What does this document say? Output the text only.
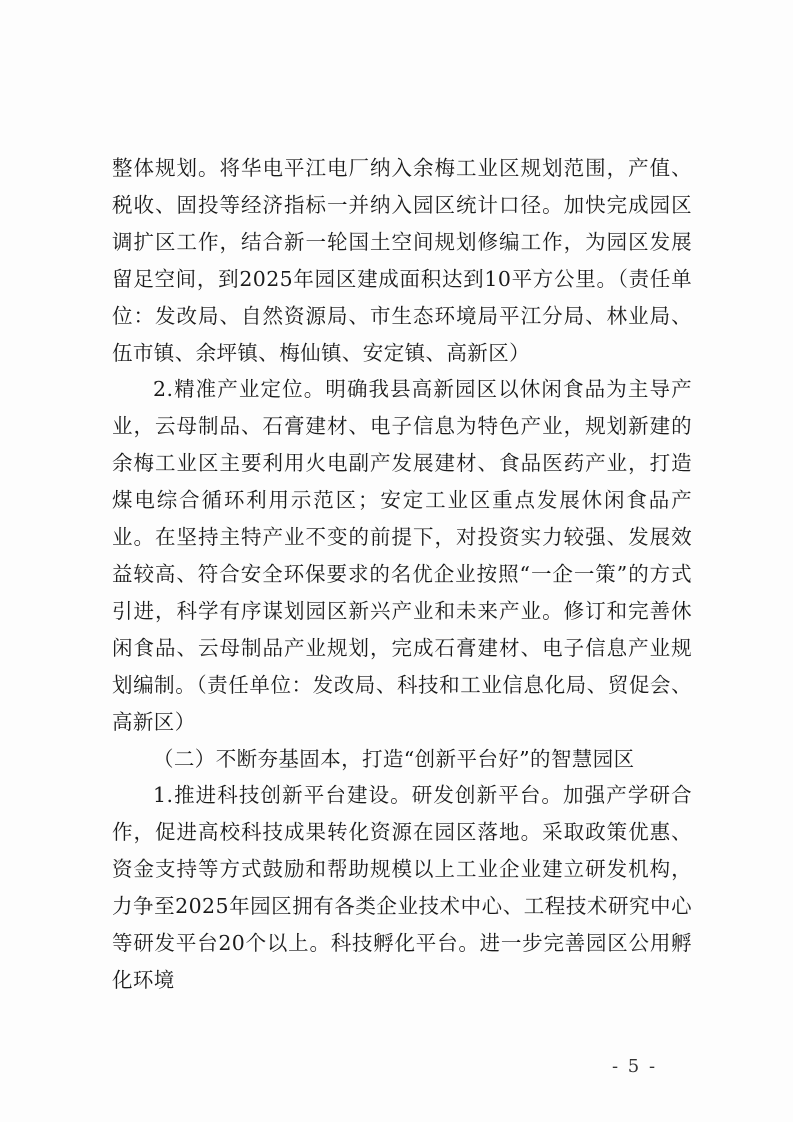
整体规划。将华电平江电厂纳入余梅工业区规划范围，产值、税收、固投等经济指标一并纳入园区统计口径。加快完成园区调扩区工作，结合新一轮国土空间规划修编工作，为园区发展留足空间，到2025年园区建成面积达到10平方公里。（责任单位：发改局、自然资源局、市生态环境局平江分局、林业局、伍市镇、余坪镇、梅仙镇、安定镇、高新区）

2.精准产业定位。明确我县高新园区以休闲食品为主导产业，云母制品、石膏建材、电子信息为特色产业，规划新建的余梅工业区主要利用火电副产发展建材、食品医药产业，打造煤电综合循环利用示范区；安定工业区重点发展休闲食品产业。在坚持主特产业不变的前提下，对投资实力较强、发展效益较高、符合安全环保要求的名优企业按照“一企一策”的方式引进，科学有序谋划园区新兴产业和未来产业。修订和完善休闲食品、云母制品产业规划，完成石膏建材、电子信息产业规划编制。（责任单位：发改局、科技和工业信息化局、贸促会、高新区）

（二）不断夯基固本，打造“创新平台好”的智慧园区

1.推进科技创新平台建设。研发创新平台。加强产学研合作，促进高校科技成果转化资源在园区落地。采取政策优惠、资金支持等方式鼓励和帮助规模以上工业企业建立研发机构，力争至2025年园区拥有各类企业技术中心、工程技术研究中心等研发平台20个以上。科技孵化平台。进一步完善园区公用孵化环境

- 5 -
